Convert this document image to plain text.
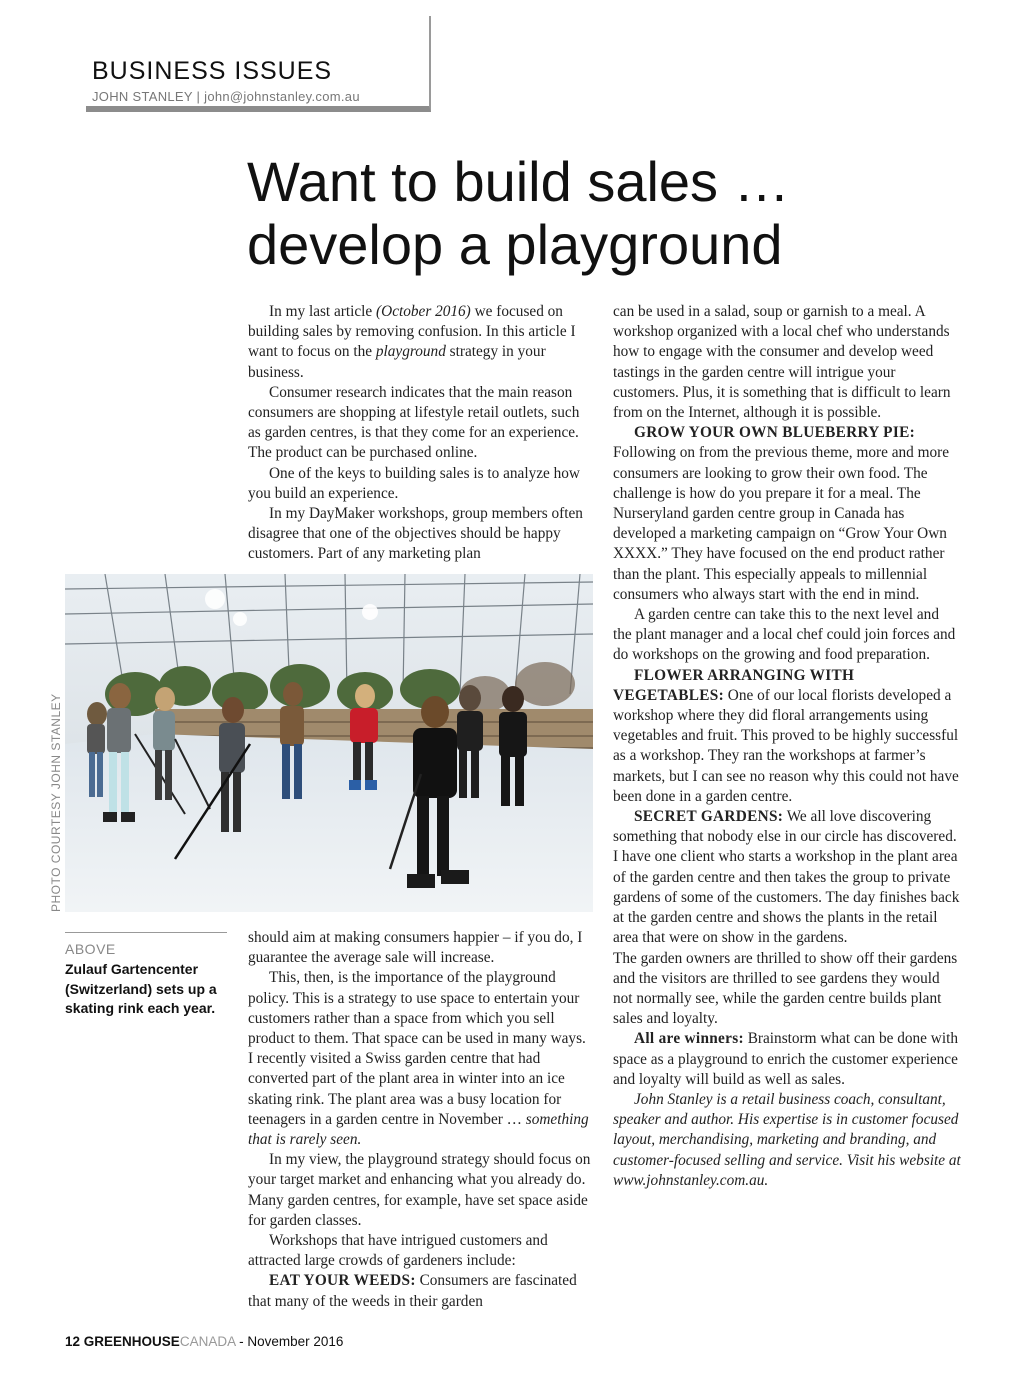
BUSINESS ISSUES
JOHN STANLEY | john@johnstanley.com.au
Want to build sales …
develop a playground

In my last article (October 2016) we focused on building sales by removing confusion. In this article I want to focus on the playground strategy in your business.

Consumer research indicates that the main reason consumers are shopping at lifestyle retail outlets, such as garden centres, is that they come for an experience. The product can be purchased online.

One of the keys to building sales is to analyze how you build an experience.

In my DayMaker workshops, group members often disagree that one of the objectives should be happy customers. Part of any marketing plan

PHOTO COURTESY JOHN STANLEY
ABOVE
Zulauf Gartencenter (Switzerland) sets up a skating rink each year.

should aim at making consumers happier – if you do, I guarantee the average sale will increase.

This, then, is the importance of the playground policy. This is a strategy to use space to entertain your customers rather than a space from which you sell product to them. That space can be used in many ways. I recently visited a Swiss garden centre that had converted part of the plant area in winter into an ice skating rink. The plant area was a busy location for teenagers in a garden centre in November … something that is rarely seen.

In my view, the playground strategy should focus on your target market and enhancing what you already do. Many garden centres, for example, have set space aside for garden classes.

Workshops that have intrigued customers and attracted large crowds of gardeners include:

EAT YOUR WEEDS: Consumers are fascinated that many of the weeds in their garden

can be used in a salad, soup or garnish to a meal. A workshop organized with a local chef who understands how to engage with the consumer and develop weed tastings in the garden centre will intrigue your customers. Plus, it is something that is difficult to learn from on the Internet, although it is possible.

GROW YOUR OWN BLUEBERRY PIE:

Following on from the previous theme, more and more consumers are looking to grow their own food. The challenge is how do you prepare it for a meal. The Nurseryland garden centre group in Canada has developed a marketing campaign on “Grow Your Own XXXX.” They have focused on the end product rather than the plant. This especially appeals to millennial consumers who always start with the end in mind.

A garden centre can take this to the next level and the plant manager and a local chef could join forces and do workshops on the growing and food preparation.

FLOWER ARRANGING WITH VEGETABLES: One of our local florists developed a workshop where they did floral arrangements using vegetables and fruit. This proved to be highly successful as a workshop. They ran the workshops at farmer’s markets, but I can see no reason why this could not have been done in a garden centre.

SECRET GARDENS: We all love discovering something that nobody else in our circle has discovered. I have one client who starts a workshop in the plant area of the garden centre and then takes the group to private gardens of some of the customers. The day finishes back at the garden centre and shows the plants in the retail area that were on show in the gardens.

The garden owners are thrilled to show off their gardens and the visitors are thrilled to see gardens they would not normally see, while the garden centre builds plant sales and loyalty.

All are winners: Brainstorm what can be done with space as a playground to enrich the customer experience and loyalty will build as well as sales.

John Stanley is a retail business coach, consultant, speaker and author. His expertise is in customer focused layout, merchandising, marketing and branding, and customer-focused selling and service. Visit his website at www.johnstanley.com.au.

12 GREENHOUSECANADA - November 2016
